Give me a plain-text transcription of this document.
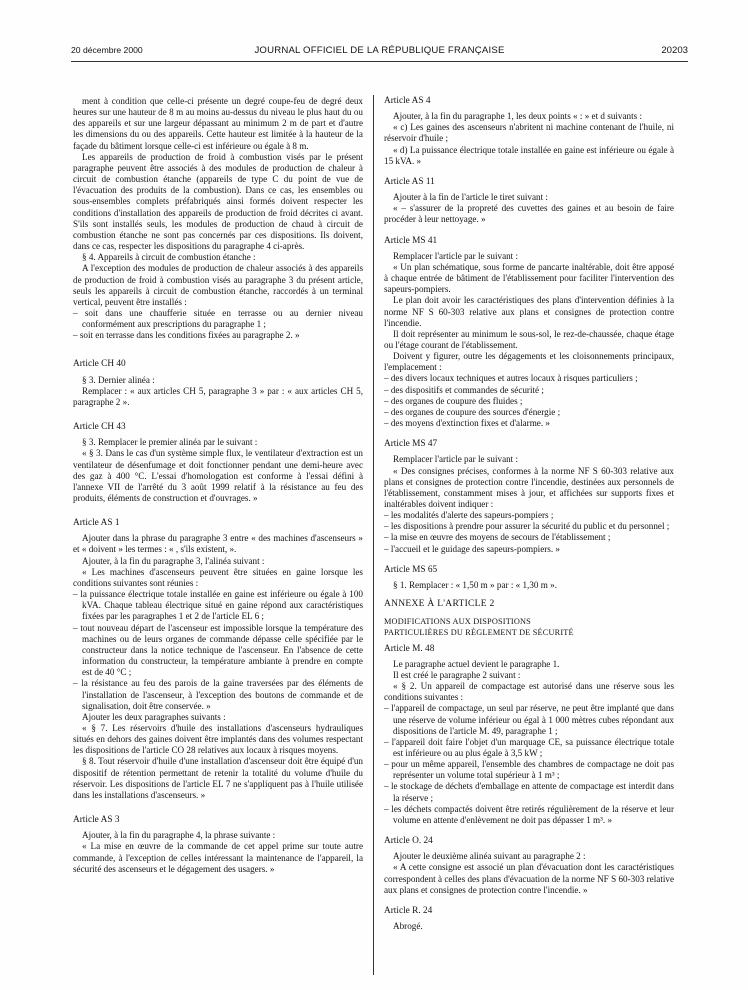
20 décembre 2000	JOURNAL OFFICIEL DE LA RÉPUBLIQUE FRANÇAISE	20203

ment à condition que celle-ci présente un degré coupe-feu de degré deux heures sur une hauteur de 8 m au moins au-dessus du niveau le plus haut du ou des appareils et sur une largeur dépassant au minimum 2 m de part et d'autre les dimensions du ou des appareils. Cette hauteur est limitée à la hauteur de la façade du bâtiment lorsque celle-ci est inférieure ou égale à 8 m.

Les appareils de production de froid à combustion visés par le présent paragraphe peuvent être associés à des modules de production de chaleur à circuit de combustion étanche (appareils de type C du point de vue de l'évacuation des produits de la combustion). Dans ce cas, les ensembles ou sous-ensembles complets préfabriqués ainsi formés doivent respecter les conditions d'installation des appareils de production de froid décrites ci avant. S'ils sont installés seuls, les modules de production de chaud à circuit de combustion étanche ne sont pas concernés par ces dispositions. Ils doivent, dans ce cas, respecter les dispositions du paragraphe 4 ci-après.

§ 4. Appareils à circuit de combustion étanche :

A l'exception des modules de production de chaleur associés à des appareils de production de froid à combustion visés au paragraphe 3 du présent article, seuls les appareils à circuit de combustion étanche, raccordés à un terminal vertical, peuvent être installés :

– soit dans une chaufferie située en terrasse ou au dernier niveau conformément aux prescriptions du paragraphe 1 ;

– soit en terrasse dans les conditions fixées au paragraphe 2. »

Article CH 40

§ 3. Dernier alinéa :

Remplacer : « aux articles CH 5, paragraphe 3 » par : « aux articles CH 5, paragraphe 2 ».

Article CH 43

§ 3. Remplacer le premier alinéa par le suivant :

« § 3. Dans le cas d'un système simple flux, le ventilateur d'extraction est un ventilateur de désenfumage et doit fonctionner pendant une demi-heure avec des gaz à 400 °C. L'essai d'homologation est conforme à l'essai défini à l'annexe VII de l'arrêté du 3 août 1999 relatif à la résistance au feu des produits, éléments de construction et d'ouvrages. »

Article AS 1

Ajouter dans la phrase du paragraphe 3 entre « des machines d'ascenseurs » et « doivent » les termes : « , s'ils existent, ».

Ajouter, à la fin du paragraphe 3, l'alinéa suivant :

« Les machines d'ascenseurs peuvent être situées en gaine lorsque les conditions suivantes sont réunies :

– la puissance électrique totale installée en gaine est inférieure ou égale à 100 kVA. Chaque tableau électrique situé en gaine répond aux caractéristiques fixées par les paragraphes 1 et 2 de l'article EL 6 ;

– tout nouveau départ de l'ascenseur est impossible lorsque la température des machines ou de leurs organes de commande dépasse celle spécifiée par le constructeur dans la notice technique de l'ascenseur. En l'absence de cette information du constructeur, la température ambiante à prendre en compte est de 40 °C ;

– la résistance au feu des parois de la gaine traversées par des éléments de l'installation de l'ascenseur, à l'exception des boutons de commande et de signalisation, doit être conservée. »

Ajouter les deux paragraphes suivants :

« § 7. Les réservoirs d'huile des installations d'ascenseurs hydrauliques situés en dehors des gaines doivent être implantés dans des volumes respectant les dispositions de l'article CO 28 relatives aux locaux à risques moyens.

§ 8. Tout réservoir d'huile d'une installation d'ascenseur doit être équipé d'un dispositif de rétention permettant de retenir la totalité du volume d'huile du réservoir. Les dispositions de l'article EL 7 ne s'appliquent pas à l'huile utilisée dans les installations d'ascenseurs. »

Article AS 3

Ajouter, à la fin du paragraphe 4, la phrase suivante :

« La mise en œuvre de la commande de cet appel prime sur toute autre commande, à l'exception de celles intéressant la maintenance de l'appareil, la sécurité des ascenseurs et le dégagement des usagers. »

Article AS 4

Ajouter, à la fin du paragraphe 1, les deux points « : » et d suivants :

« c) Les gaines des ascenseurs n'abritent ni machine contenant de l'huile, ni réservoir d'huile ;

« d) La puissance électrique totale installée en gaine est inférieure ou égale à 15 kVA. »

Article AS 11

Ajouter à la fin de l'article le tiret suivant :

« – s'assurer de la propreté des cuvettes des gaines et au besoin de faire procéder à leur nettoyage. »

Article MS 41

Remplacer l'article par le suivant :

« Un plan schématique, sous forme de pancarte inaltérable, doit être apposé à chaque entrée de bâtiment de l'établissement pour faciliter l'intervention des sapeurs-pompiers.

Le plan doit avoir les caractéristiques des plans d'intervention définies à la norme NF S 60-303 relative aux plans et consignes de protection contre l'incendie.

Il doit représenter au minimum le sous-sol, le rez-de-chaussée, chaque étage ou l'étage courant de l'établissement.

Doivent y figurer, outre les dégagements et les cloisonnements principaux, l'emplacement :

– des divers locaux techniques et autres locaux à risques particuliers ;

– des dispositifs et commandes de sécurité ;

– des organes de coupure des fluides ;

– des organes de coupure des sources d'énergie ;

– des moyens d'extinction fixes et d'alarme. »

Article MS 47

Remplacer l'article par le suivant :

« Des consignes précises, conformes à la norme NF S 60-303 relative aux plans et consignes de protection contre l'incendie, destinées aux personnels de l'établissement, constamment mises à jour, et affichées sur supports fixes et inaltérables doivent indiquer :

– les modalités d'alerte des sapeurs-pompiers ;

– les dispositions à prendre pour assurer la sécurité du public et du personnel ;

– la mise en œuvre des moyens de secours de l'établissement ;

– l'accueil et le guidage des sapeurs-pompiers. »

Article MS 65

§ 1. Remplacer : « 1,50 m » par : « 1,30 m ».

ANNEXE À L'ARTICLE 2

MODIFICATIONS AUX DISPOSITIONS

PARTICULIÈRES DU RÈGLEMENT DE SÉCURITÉ

Article M. 48

Le paragraphe actuel devient le paragraphe 1.

Il est créé le paragraphe 2 suivant :

« § 2. Un appareil de compactage est autorisé dans une réserve sous les conditions suivantes :

– l'appareil de compactage, un seul par réserve, ne peut être implanté que dans une réserve de volume inférieur ou égal à 1 000 mètres cubes répondant aux dispositions de l'article M. 49, paragraphe 1 ;

– l'appareil doit faire l'objet d'un marquage CE, sa puissance électrique totale est inférieure ou au plus égale à 3,5 kW ;

– pour un même appareil, l'ensemble des chambres de compactage ne doit pas représenter un volume total supérieur à 1 m³ ;

– le stockage de déchets d'emballage en attente de compactage est interdit dans la réserve ;

– les déchets compactés doivent être retirés régulièrement de la réserve et leur volume en attente d'enlèvement ne doit pas dépasser 1 m³. »

Article O. 24

Ajouter le deuxième alinéa suivant au paragraphe 2 :

« A cette consigne est associé un plan d'évacuation dont les caractéristiques correspondent à celles des plans d'évacuation de la norme NF S 60-303 relative aux plans et consignes de protection contre l'incendie. »

Article R. 24

Abrogé.
